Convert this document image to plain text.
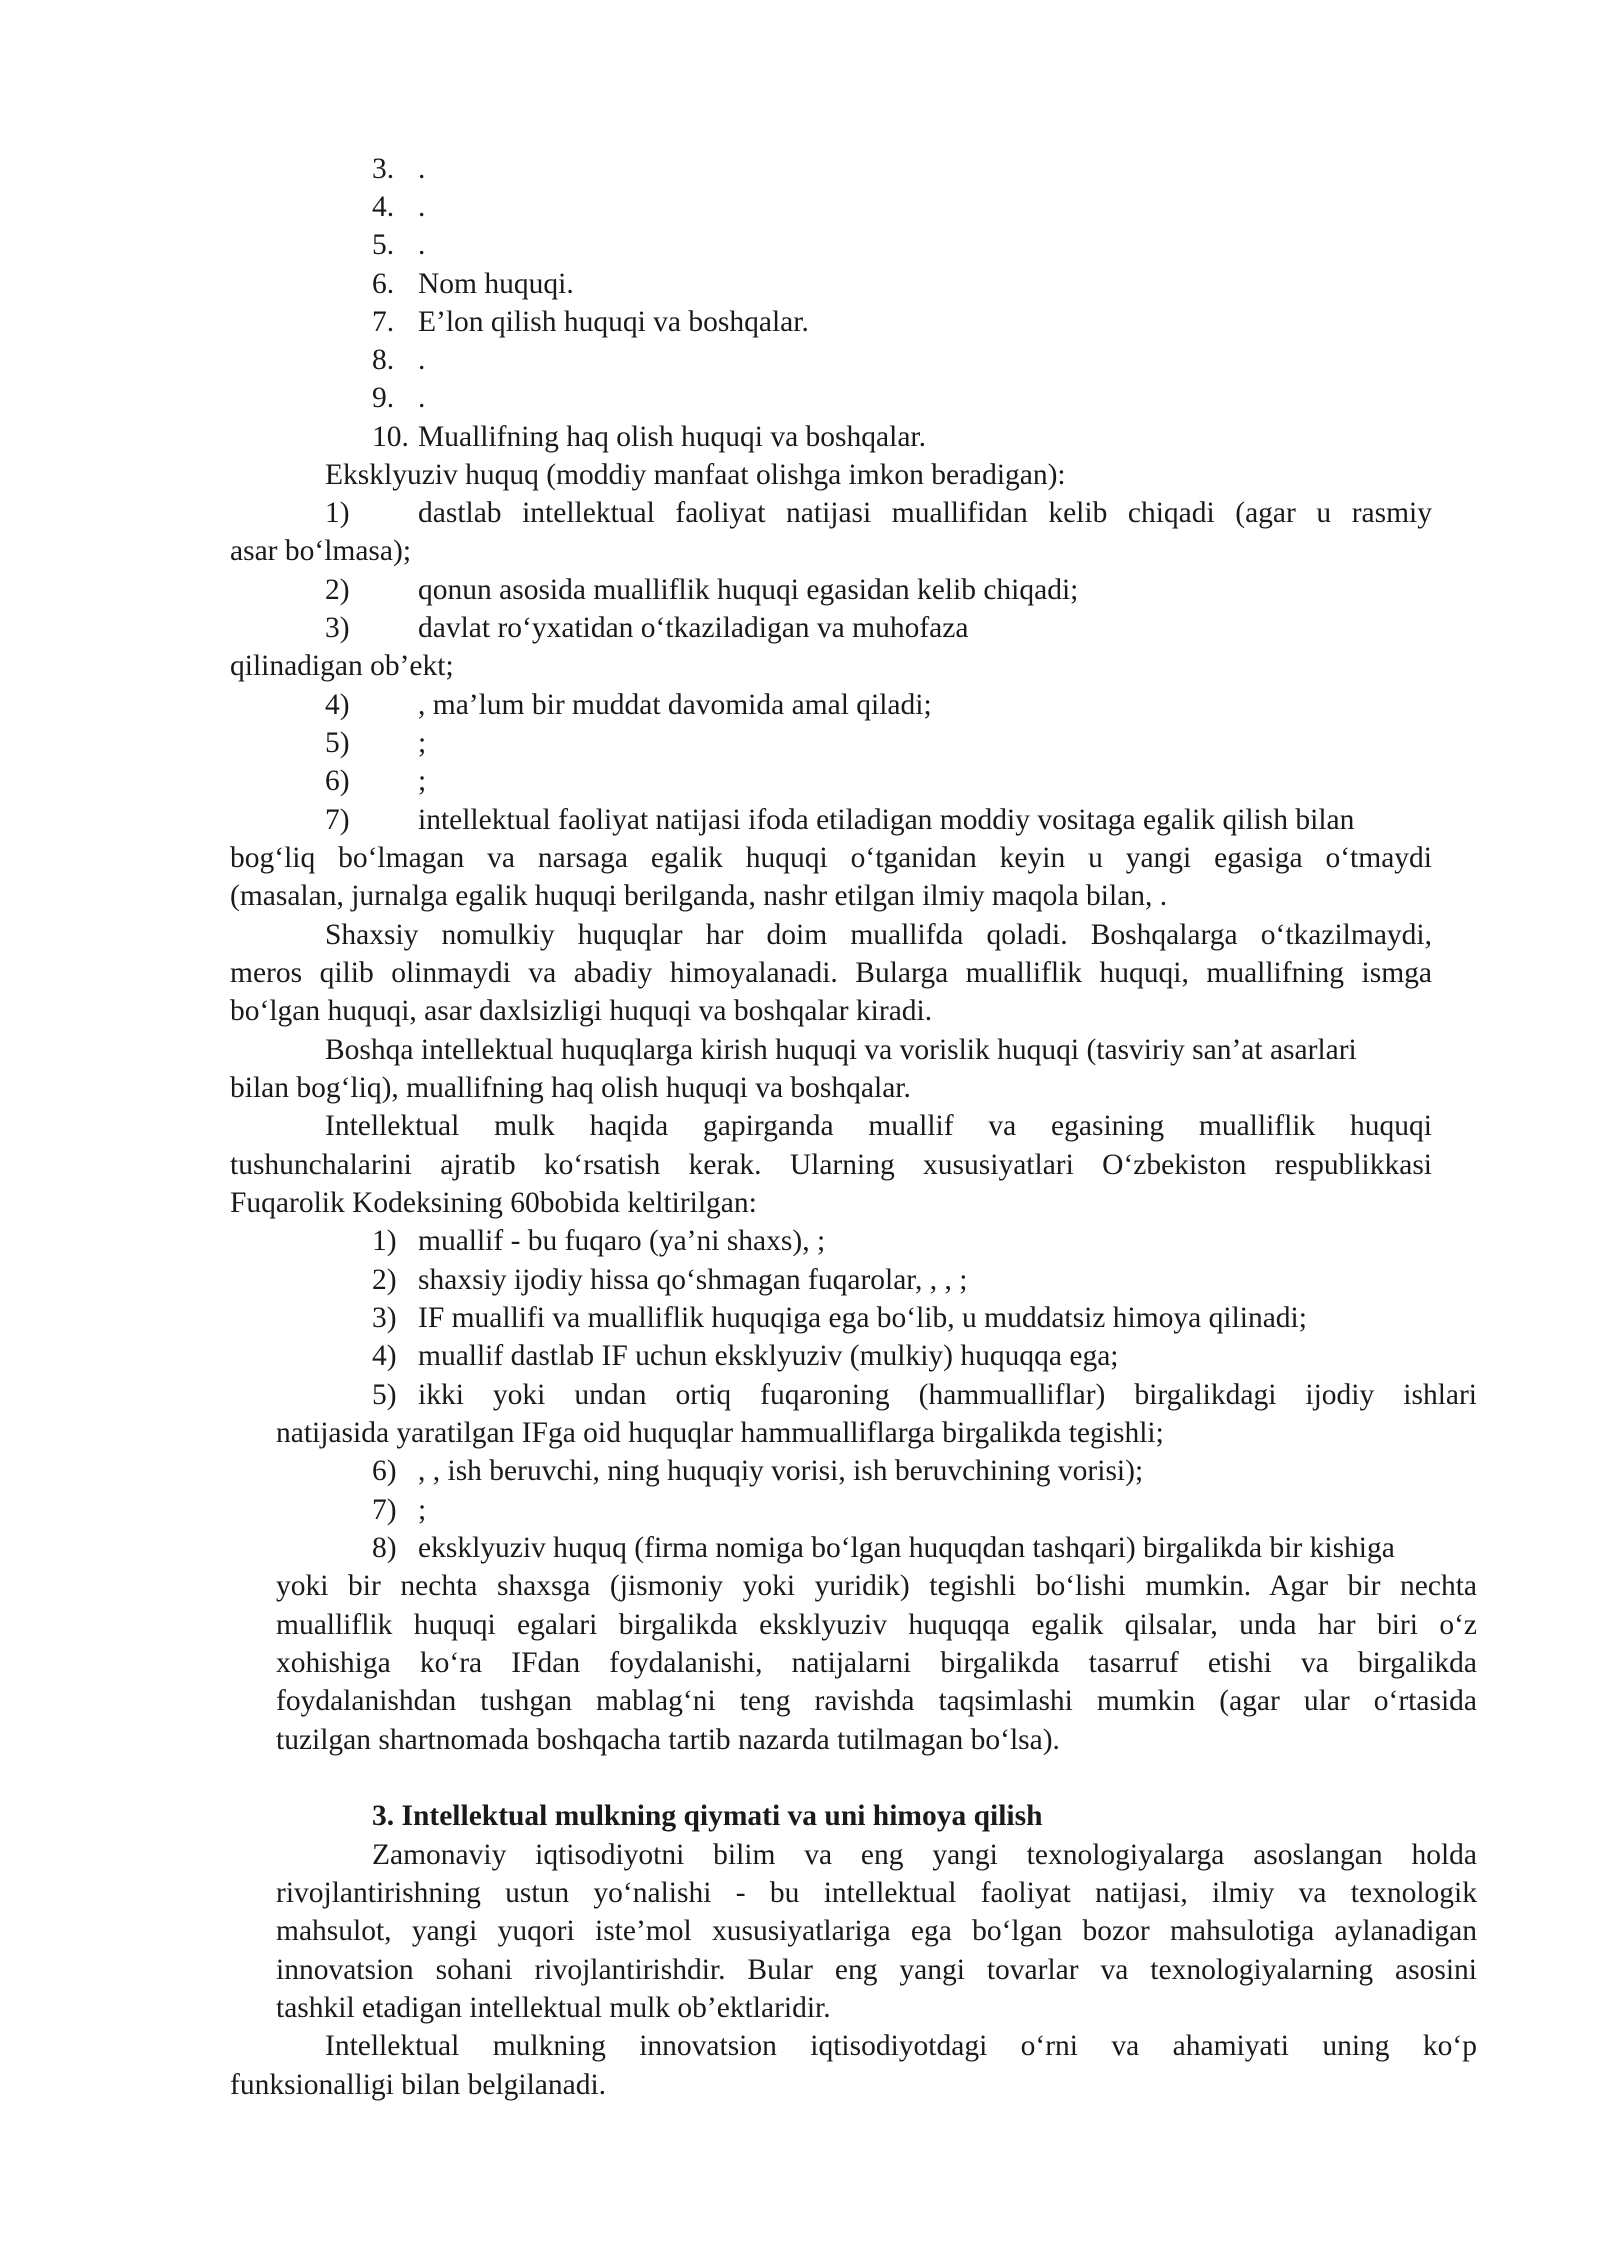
3. .
4. .
5. .
6. Nom huquqi.
7. E’lon qilish huquqi va boshqalar.
8. .
9. .
10. Muallifning haq olish huquqi va boshqalar.
Eksklyuziv huquq (moddiy manfaat olishga imkon beradigan):
1) dastlab intellektual faoliyat natijasi muallifidan kelib chiqadi (agar u rasmiy
asar bo‘lmasa);
2) qonun asosida mualliflik huquqi egasidan kelib chiqadi;
3) davlat ro‘yxatidan o‘tkaziladigan va muhofaza
qilinadigan ob’ekt;
4) , ma’lum bir muddat davomida amal qiladi;
5) ;
6) ;
7) intellektual faoliyat natijasi ifoda etiladigan moddiy vositaga egalik qilish bilan
bog‘liq bo‘lmagan va narsaga egalik huquqi o‘tganidan keyin u yangi egasiga o‘tmaydi
(masalan, jurnalga egalik huquqi berilganda, nashr etilgan ilmiy maqola bilan, .
Shaxsiy nomulkiy huquqlar har doim muallifda qoladi. Boshqalarga o‘tkazilmaydi,
meros qilib olinmaydi va abadiy himoyalanadi. Bularga mualliflik huquqi, muallifning ismga
bo‘lgan huquqi, asar daxlsizligi huquqi va boshqalar kiradi.
Boshqa intellektual huquqlarga kirish huquqi va vorislik huquqi (tasviriy san’at asarlari
bilan bog‘liq), muallifning haq olish huquqi va boshqalar.
Intellektual mulk haqida gapirganda muallif va egasining mualliflik huquqi
tushunchalarini ajratib ko‘rsatish kerak. Ularning xususiyatlari O‘zbekiston respublikkasi
Fuqarolik Kodeksining 60bobida keltirilgan:
1) muallif - bu fuqaro (ya’ni shaxs), ;
2) shaxsiy ijodiy hissa qo‘shmagan fuqarolar, , , ;
3) IF muallifi va mualliflik huquqiga ega bo‘lib, u muddatsiz himoya qilinadi;
4) muallif dastlab IF uchun eksklyuziv (mulkiy) huquqqa ega;
5) ikki yoki undan ortiq fuqaroning (hammualliflar) birgalikdagi ijodiy ishlari
natijasida yaratilgan IFga oid huquqlar hammualliflarga birgalikda tegishli;
6) , , ish beruvchi, ning huquqiy vorisi, ish beruvchining vorisi);
7) ;
8) eksklyuziv huquq (firma nomiga bo‘lgan huquqdan tashqari) birgalikda bir kishiga
yoki bir nechta shaxsga (jismoniy yoki yuridik) tegishli bo‘lishi mumkin. Agar bir nechta
mualliflik huquqi egalari birgalikda eksklyuziv huquqqa egalik qilsalar, unda har biri o‘z
xohishiga ko‘ra IFdan foydalanishi, natijalarni birgalikda tasarruf etishi va birgalikda
foydalanishdan tushgan mablag‘ni teng ravishda taqsimlashi mumkin (agar ular o‘rtasida
tuzilgan shartnomada boshqacha tartib nazarda tutilmagan bo‘lsa).
3. Intellektual mulkning qiymati va uni himoya qilish
Zamonaviy iqtisodiyotni bilim va eng yangi texnologiyalarga asoslangan holda
rivojlantirishning ustun yo‘nalishi - bu intellektual faoliyat natijasi, ilmiy va texnologik
mahsulot, yangi yuqori iste’mol xususiyatlariga ega bo‘lgan bozor mahsulotiga aylanadigan
innovatsion sohani rivojlantirishdir. Bular eng yangi tovarlar va texnologiyalarning asosini
tashkil etadigan intellektual mulk ob’ektlaridir.
Intellektual mulkning innovatsion iqtisodiyotdagi o‘rni va ahamiyati uning ko‘p
funksionalligi bilan belgilanadi.
